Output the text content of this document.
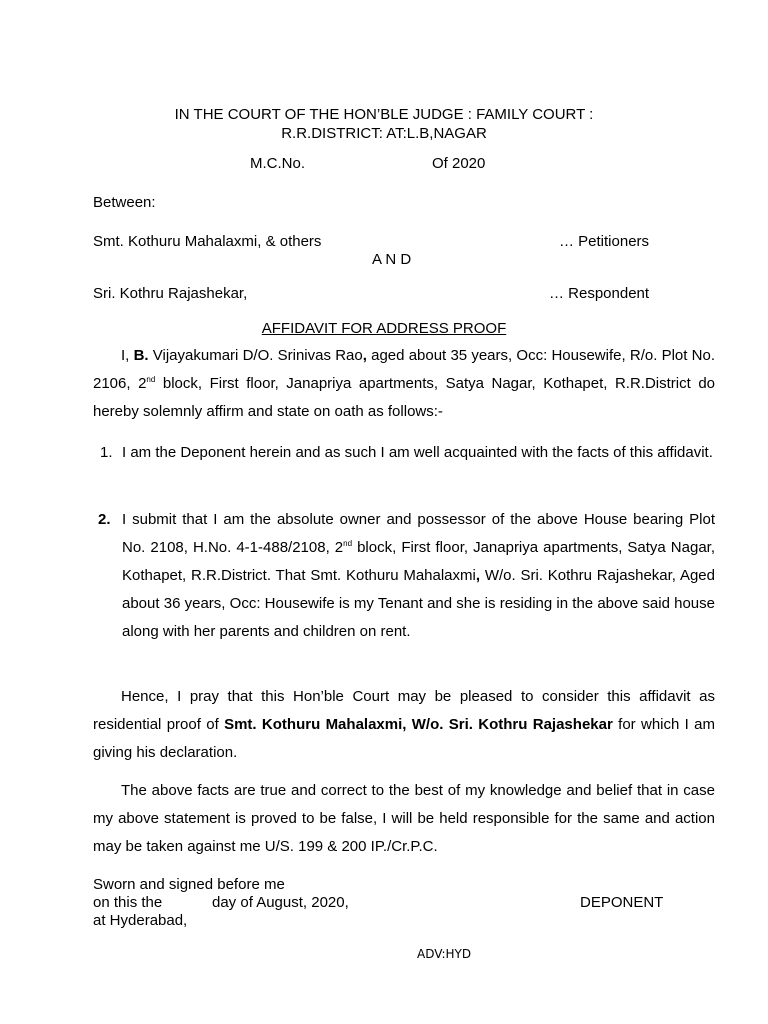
IN THE COURT OF THE HON’BLE JUDGE : FAMILY COURT :
R.R.DISTRICT: AT:L.B,NAGAR
M.C.No.	Of 2020
Between:
Smt. Kothuru Mahalaxmi, & others	… Petitioners
A N D
Sri. Kothru Rajashekar,	… Respondent
AFFIDAVIT FOR ADDRESS PROOF
I, B. Vijayakumari D/O. Srinivas Rao, aged about 35 years, Occ: Housewife, R/o. Plot No. 2106, 2nd block, First floor, Janapriya apartments, Satya Nagar, Kothapet, R.R.District do hereby solemnly affirm and state on oath as follows:-
1. I am the Deponent herein and as such I am well acquainted with the facts of this affidavit.
2. I submit that I am the absolute owner and possessor of the above House bearing Plot No. 2108, H.No. 4-1-488/2108, 2nd block, First floor, Janapriya apartments, Satya Nagar, Kothapet, R.R.District. That Smt. Kothuru Mahalaxmi, W/o. Sri. Kothru Rajashekar, Aged about 36 years, Occ: Housewife is my Tenant and she is residing in the above said house along with her parents and children on rent.
Hence, I pray that this Hon’ble Court may be pleased to consider this affidavit as residential proof of Smt. Kothuru Mahalaxmi, W/o. Sri. Kothru Rajashekar for which I am giving his declaration.
The above facts are true and correct to the best of my knowledge and belief that in case my above statement is proved to be false, I will be held responsible for the same and action may be taken against me U/S. 199 & 200 IP./Cr.P.C.
Sworn and signed before me
on this the	day of August, 2020,	DEPONENT
at Hyderabad,
ADV:HYD
